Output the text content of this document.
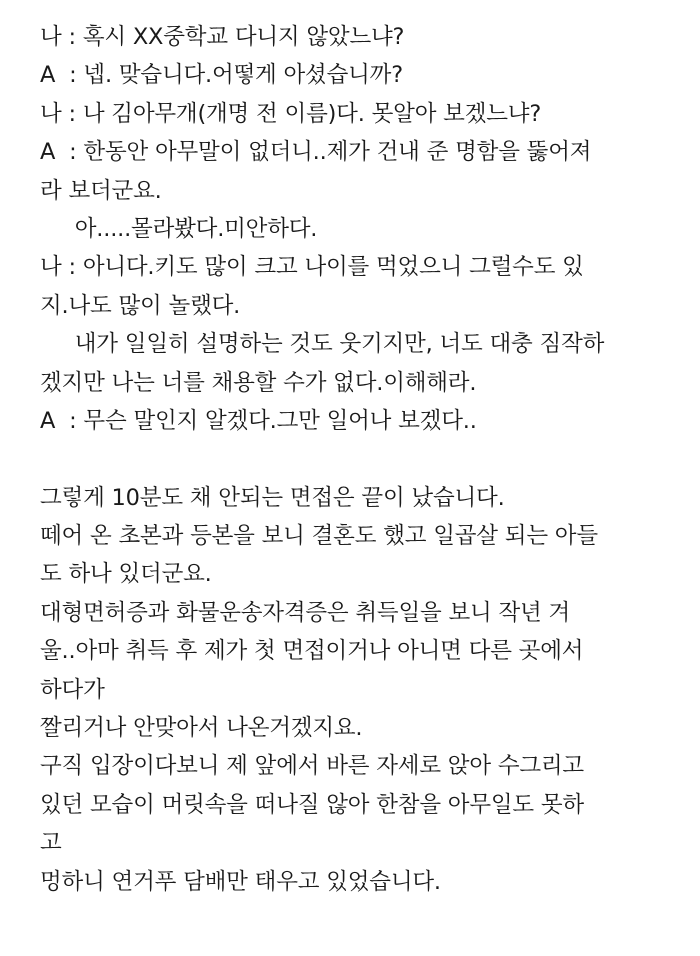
나 : 혹시 XX중학교 다니지 않았느냐?
A  : 넵. 맞습니다.어떻게 아셨습니까?
나 : 나 김아무개(개명 전 이름)다. 못알아 보겠느냐?
A  : 한동안 아무말이 없더니..제가 건내 준 명함을 뚫어져
라 보더군요.
아.....몰라봤다.미안하다.
나 : 아니다.키도 많이 크고 나이를 먹었으니 그럴수도 있
지.나도 많이 놀랬다.
내가 일일히 설명하는 것도 웃기지만, 너도 대충 짐작하
겠지만 나는 너를 채용할 수가 없다.이해해라.
A  : 무슨 말인지 알겠다.그만 일어나 보겠다..
그렇게 10분도 채 안되는 면접은 끝이 났습니다.
떼어 온 초본과 등본을 보니 결혼도 했고 일곱살 되는 아들
도 하나 있더군요.
대형면허증과 화물운송자격증은 취득일을 보니 작년 겨
울..아마 취득 후 제가 첫 면접이거나 아니면 다른 곳에서
하다가
짤리거나 안맞아서 나온거겠지요.
구직 입장이다보니 제 앞에서 바른 자세로 앉아 수그리고
있던 모습이 머릿속을 떠나질 않아 한참을 아무일도 못하
고
멍하니 연거푸 담배만 태우고 있었습니다.
